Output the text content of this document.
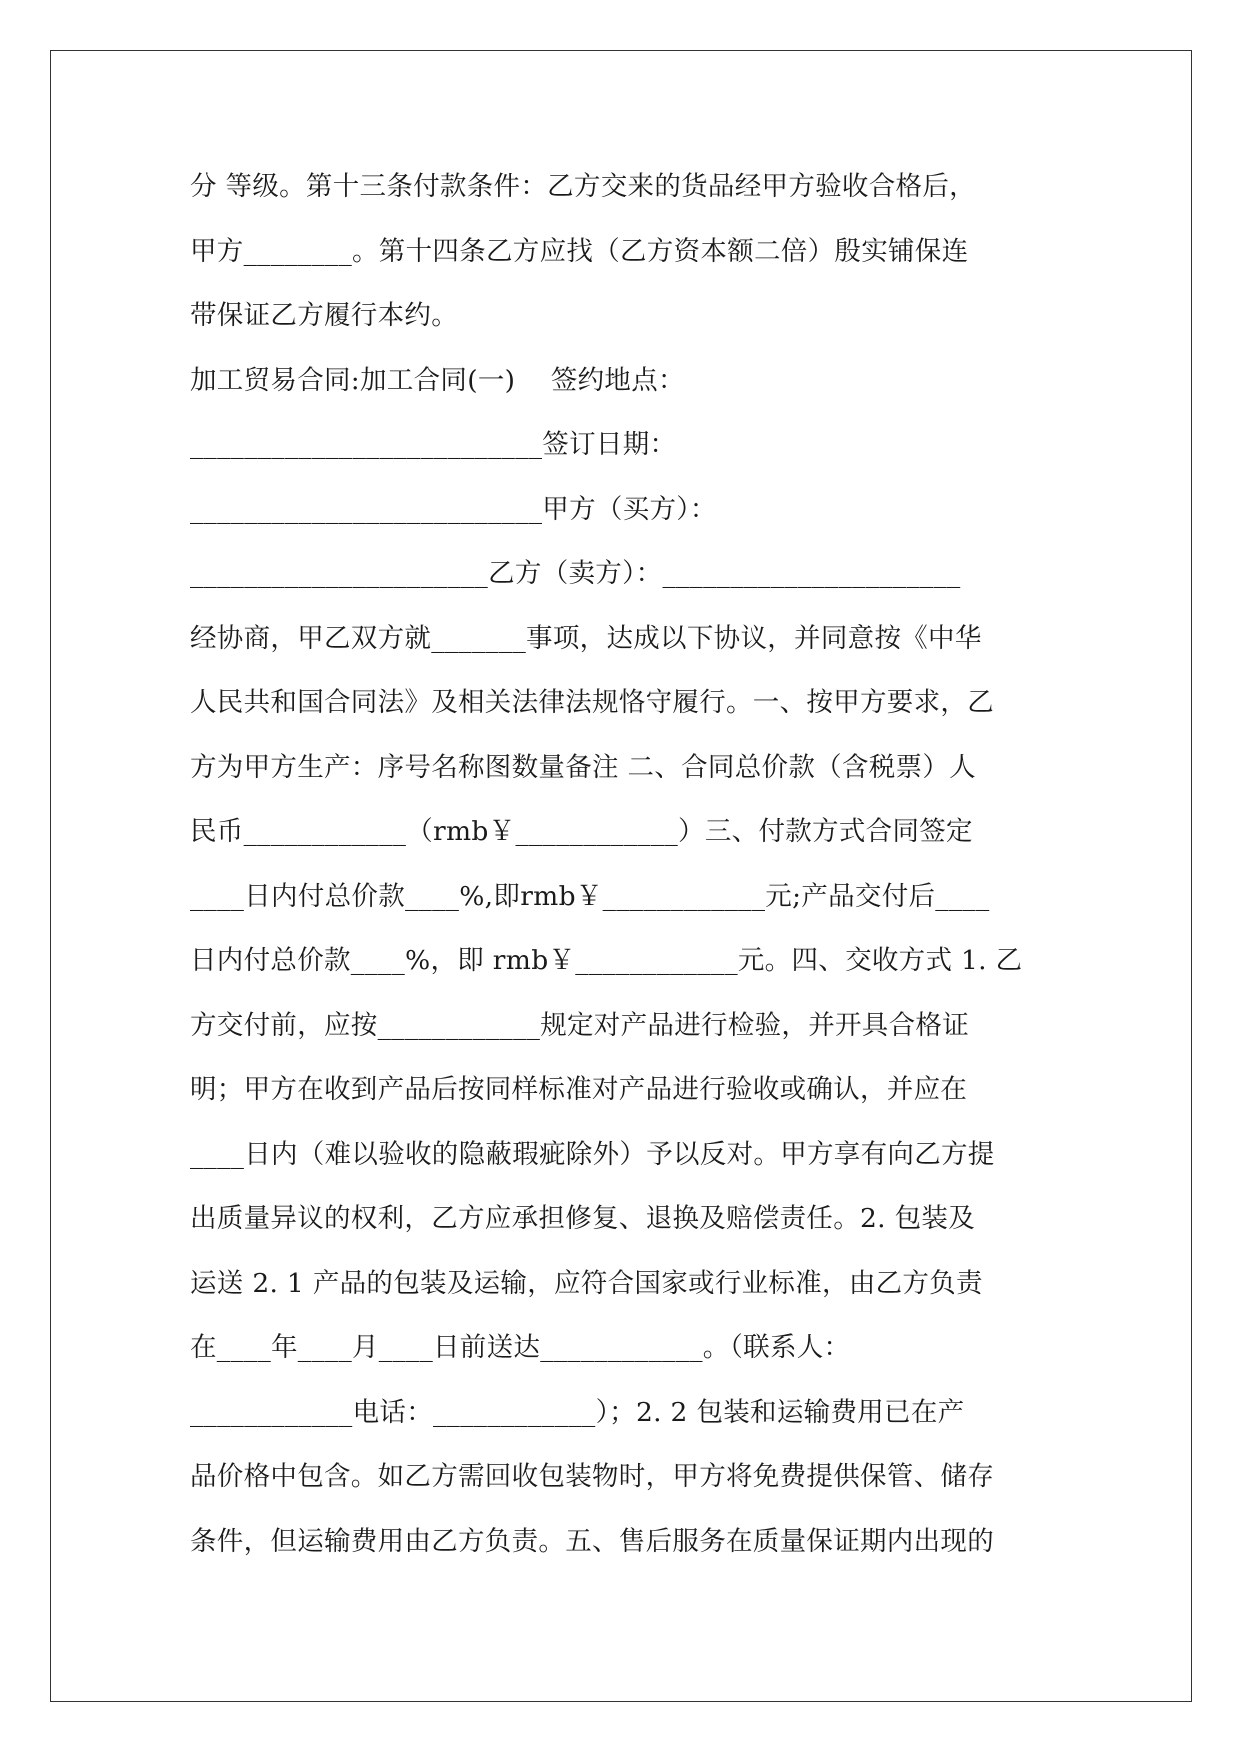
分 等级。第十三条付款条件：乙方交来的货品经甲方验收合格后，
甲方________。第十四条乙方应找（乙方资本额二倍）殷实铺保连
带保证乙方履行本约。
加工贸易合同:加工合同(一)　 签约地点：
__________________________签订日期：
__________________________甲方（买方）：
______________________乙方（卖方）：______________________
经协商，甲乙双方就_______事项，达成以下协议，并同意按《中华
人民共和国合同法》及相关法律法规恪守履行。一、按甲方要求，乙
方为甲方生产：序号名称图数量备注 二、合同总价款（含税票）人
民币____________（rmb￥____________）三、付款方式合同签定
____日内付总价款____%,即rmb￥____________元;产品交付后____
日内付总价款____%，即 rmb￥____________元。四、交收方式 1. 乙
方交付前，应按____________规定对产品进行检验，并开具合格证
明；甲方在收到产品后按同样标准对产品进行验收或确认，并应在
____日内（难以验收的隐蔽瑕疵除外）予以反对。甲方享有向乙方提
出质量异议的权利，乙方应承担修复、退换及赔偿责任。2. 包装及
运送 2. 1 产品的包装及运输，应符合国家或行业标准，由乙方负责
在____年____月____日前送达____________。（联系人：
____________电话：____________）；2. 2 包装和运输费用已在产
品价格中包含。如乙方需回收包装物时，甲方将免费提供保管、储存
条件，但运输费用由乙方负责。五、售后服务在质量保证期内出现的
